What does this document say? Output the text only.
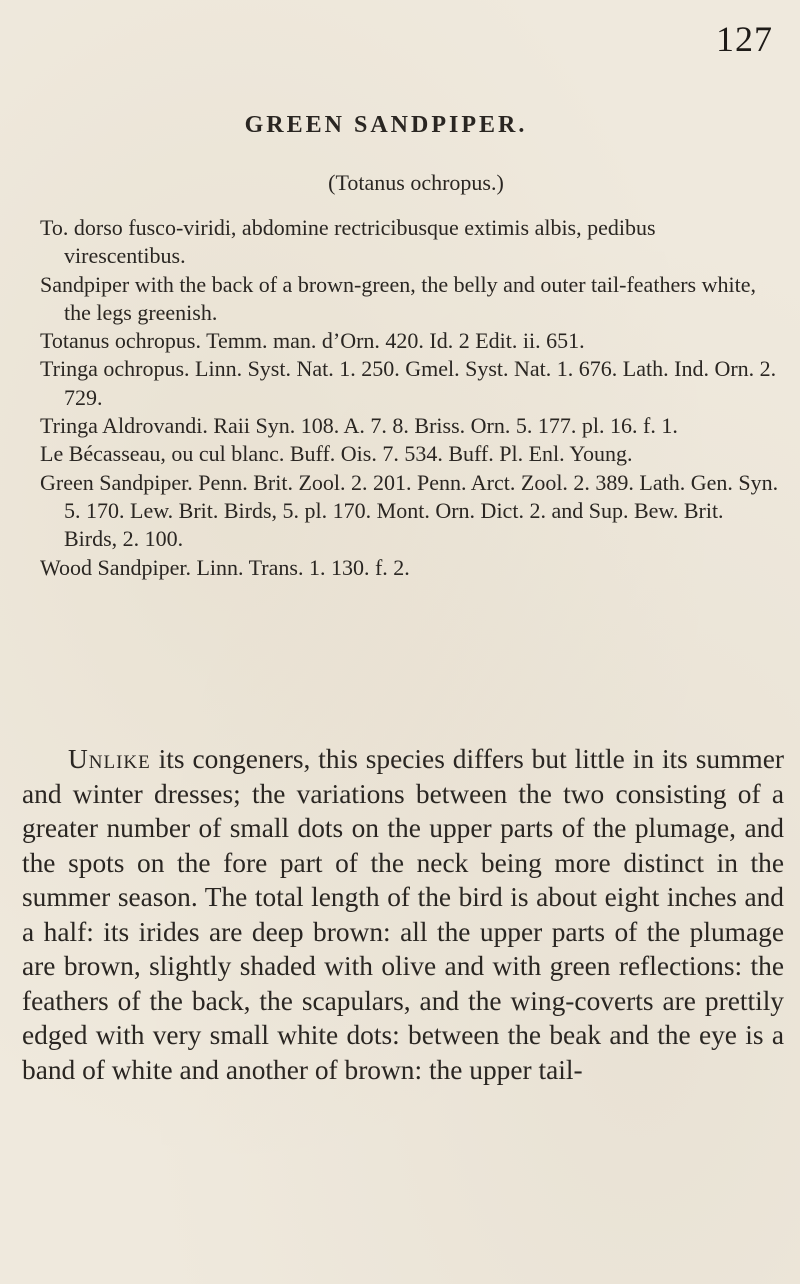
127
GREEN SANDPIPER.
(Totanus ochropus.)

To. dorso fusco-viridi, abdomine rectricibusque extimis albis, pedibus virescentibus.

Sandpiper with the back of a brown-green, the belly and outer tail-feathers white, the legs greenish.

Totanus ochropus. Temm. man. d’Orn. 420. Id. 2 Edit. ii. 651.

Tringa ochropus. Linn. Syst. Nat. 1. 250. Gmel. Syst. Nat. 1. 676. Lath. Ind. Orn. 2. 729.

Tringa Aldrovandi. Raii Syn. 108. A. 7. 8. Briss. Orn. 5. 177. pl. 16. f. 1.

Le Bécasseau, ou cul blanc. Buff. Ois. 7. 534. Buff. Pl. Enl. Young.

Green Sandpiper. Penn. Brit. Zool. 2. 201. Penn. Arct. Zool. 2. 389. Lath. Gen. Syn. 5. 170. Lew. Brit. Birds, 5. pl. 170. Mont. Orn. Dict. 2. and Sup. Bew. Brit. Birds, 2. 100.

Wood Sandpiper. Linn. Trans. 1. 130. f. 2.

Unlike its congeners, this species differs but little in its summer and winter dresses; the variations between the two consisting of a greater number of small dots on the upper parts of the plumage, and the spots on the fore part of the neck being more distinct in the summer season. The total length of the bird is about eight inches and a half: its irides are deep brown: all the upper parts of the plumage are brown, slightly shaded with olive and with green reflections: the feathers of the back, the scapulars, and the wing-coverts are prettily edged with very small white dots: between the beak and the eye is a band of white and another of brown: the upper tail-
